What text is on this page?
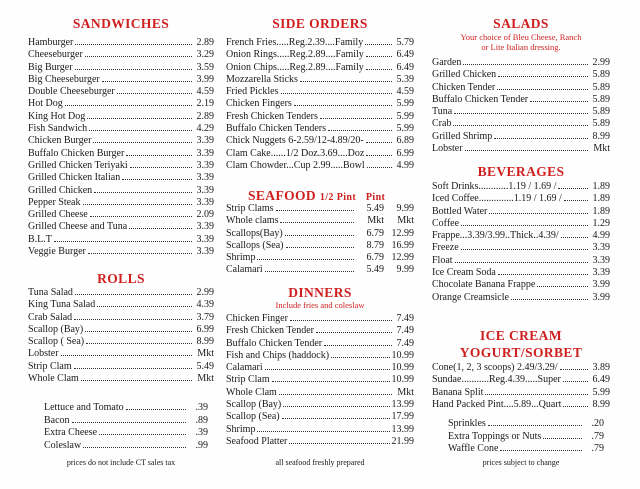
SANDWICHES
Hamburger	2.89
Cheeseburger	3.29
Big Burger	3.59
Big Cheeseburger	3.99
Double Cheeseburger	4.59
Hot Dog	2.19
King Hot Dog	2.89
Fish Sandwich	4.29
Chicken Burger	3.39
Buffalo Chicken Burger	3.39
Grilled Chicken Teriyaki	3.39
Grilled Chicken Italian	3.39
Grilled Chicken	3.39
Pepper Steak	3.39
Grilled Cheese	2.09
Grilled Cheese and Tuna	3.39
B.L.T	3.39
Veggie Burger	3.39
ROLLS
Tuna Salad	2.99
King Tuna Salad	4.39
Crab Salad	3.79
Scallop (Bay)	6.99
Scallop ( Sea)	8.99
Lobster	Mkt
Strip Clam	5.49
Whole Clam	Mkt
Lettuce and Tomato	.39
Bacon	.89
Extra Cheese	.39
Coleslaw	.99
prices do not include CT sales tax
SIDE ORDERS
French Fries.....Reg.2.39....Family	5.79
Onion Rings.....Reg.2.89....Family	6.49
Onion Chips.....Reg.2.89....Family	6.49
Mozzarella Sticks	5.39
Fried Pickles	4.59
Chicken Fingers	5.99
Fresh Chicken Tenders	5.99
Buffalo Chicken Tenders	5.99
Chick Nuggets 6-2.59/12-4.89/20-	6.89
Clam Cake......1/2 Doz.3.69....Doz	6.99
Clam Chowder...Cup 2.99.....Bowl	4.99
SEAFOOD 1/2 Pint Pint
Strip Clams	5.49	9.99
Whole clams	Mkt	Mkt
Scallops(Bay)	6.79 12.99
Scallops (Sea)	8.79 16.99
Shrimp	6.79 12.99
Calamari	5.49	9.99
DINNERS
Include fries and coleslaw
Chicken Finger	7.49
Fresh Chicken Tender	7.49
Buffalo Chicken Tender	7.49
Fish and Chips (haddock)	10.99
Calamari	10.99
Strip Clam	10.99
Whole Clam	Mkt
Scallop (Bay)	13.99
Scallop (Sea)	17.99
Shrimp	13.99
Seafood Platter	21.99
all seafood freshly prepared
SALADS
Your choice of Bleu Cheese, Ranch
or Lite Italian dressing.
Garden	2.99
Grilled Chicken	5.89
Chicken Tender	5.89
Buffalo Chicken Tender	5.89
Tuna	5.89
Crab	5.89
Grilled Shrimp	8.99
Lobster	Mkt
BEVERAGES
Soft Drinks............1.19 / 1.69 /	1.89
Iced Coffee..............1.19 / 1.69 /	1.89
Bottled Water	1.89
Coffee	1.29
Frappe...3.39/3.99..Thick..4.39/	4.99
Freeze	3.39
Float	3.39
Ice Cream Soda	3.39
Chocolate Banana Frappe	3.99
Orange Creamsicle	3.99
ICE CREAM
YOGURT/SORBET
Cone(1, 2, 3 scoops) 2.49/3.29/	3.89
Sundae...........Reg.4.39.....Super	6.49
Banana Split	5.99
Hand Packed Pint....5.89...Quart	8.99
Sprinkles	.20
Extra Toppings or Nuts	.79
Waffle Cone	.79
prices subject to change
